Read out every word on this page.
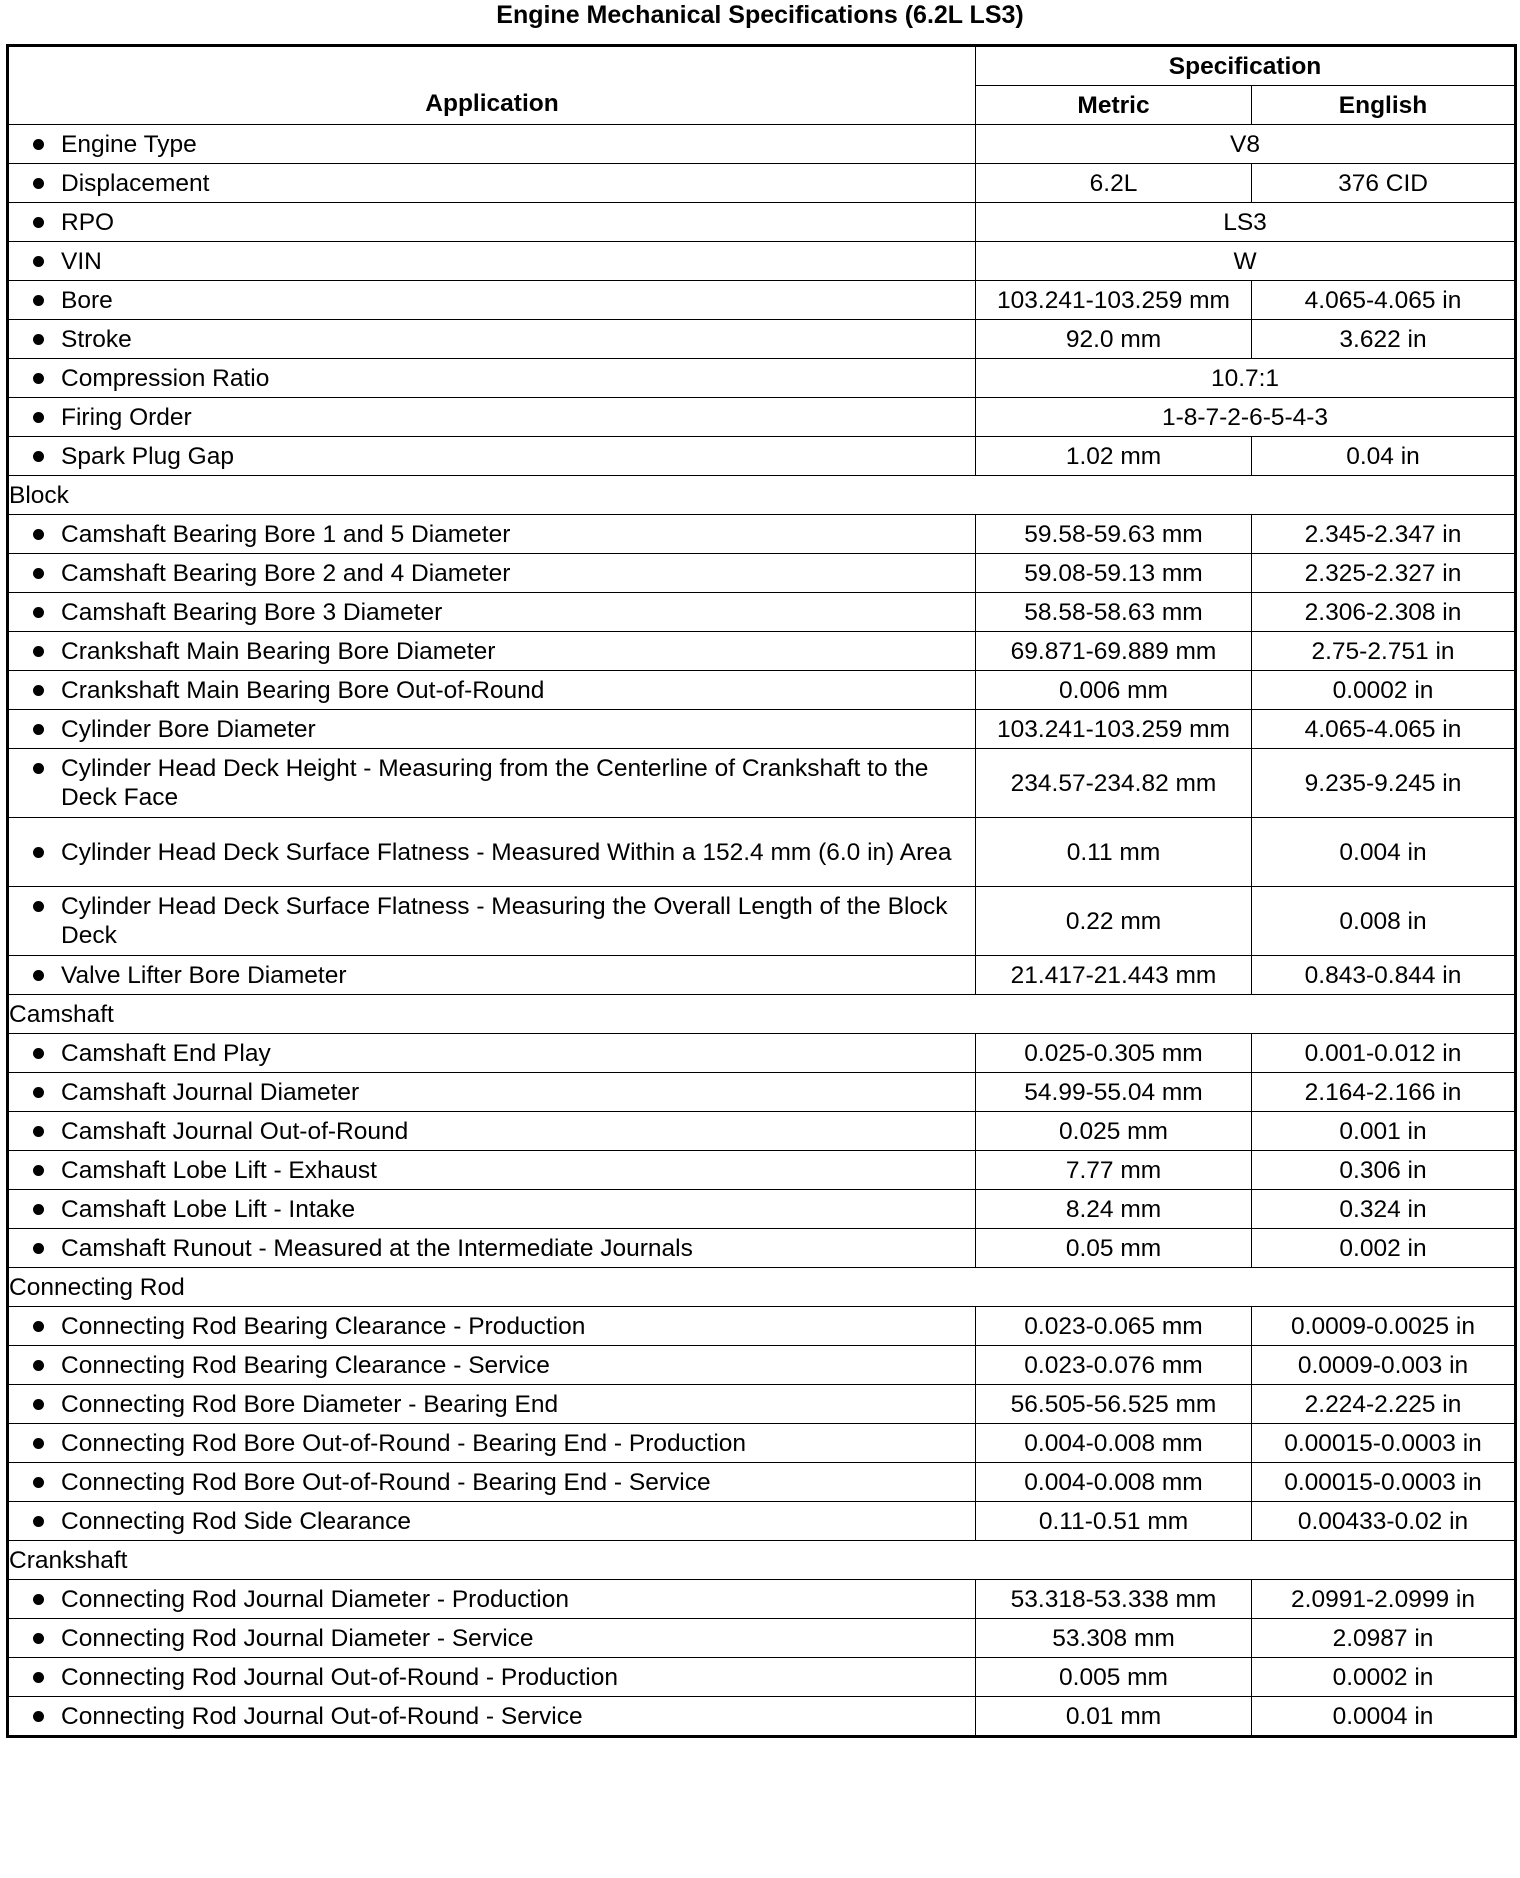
Engine Mechanical Specifications (6.2L LS3)
Application	Specification	
	Metric	English

Engine Type	V8	

Displacement	6.2L	376 CID

RPO	LS3	

VIN	W	

Bore	103.241-103.259 mm	4.065-4.065 in

Stroke	92.0 mm	3.622 in

Compression Ratio	10.7:1	

Firing Order	1-8-7-2-6-5-4-3	

Spark Plug Gap	1.02 mm	0.04 in
Block		

Camshaft Bearing Bore 1 and 5 Diameter	59.58-59.63 mm	2.345-2.347 in

Camshaft Bearing Bore 2 and 4 Diameter	59.08-59.13 mm	2.325-2.327 in

Camshaft Bearing Bore 3 Diameter	58.58-58.63 mm	2.306-2.308 in

Crankshaft Main Bearing Bore Diameter	69.871-69.889 mm	2.75-2.751 in

Crankshaft Main Bearing Bore Out-of-Round	0.006 mm	0.0002 in

Cylinder Bore Diameter	103.241-103.259 mm	4.065-4.065 in

Cylinder Head Deck Height - Measuring from the Centerline of Crankshaft to the Deck Face	234.57-234.82 mm	9.235-9.245 in

Cylinder Head Deck Surface Flatness - Measured Within a 152.4 mm (6.0 in) Area	0.11 mm	0.004 in

Cylinder Head Deck Surface Flatness - Measuring the Overall Length of the Block Deck	0.22 mm	0.008 in

Valve Lifter Bore Diameter	21.417-21.443 mm	0.843-0.844 in
Camshaft		

Camshaft End Play	0.025-0.305 mm	0.001-0.012 in

Camshaft Journal Diameter	54.99-55.04 mm	2.164-2.166 in

Camshaft Journal Out-of-Round	0.025 mm	0.001 in

Camshaft Lobe Lift - Exhaust	7.77 mm	0.306 in

Camshaft Lobe Lift - Intake	8.24 mm	0.324 in

Camshaft Runout - Measured at the Intermediate Journals	0.05 mm	0.002 in
Connecting Rod		

Connecting Rod Bearing Clearance - Production	0.023-0.065 mm	0.0009-0.0025 in

Connecting Rod Bearing Clearance - Service	0.023-0.076 mm	0.0009-0.003 in

Connecting Rod Bore Diameter - Bearing End	56.505-56.525 mm	2.224-2.225 in

Connecting Rod Bore Out-of-Round - Bearing End - Production	0.004-0.008 mm	0.00015-0.0003 in

Connecting Rod Bore Out-of-Round - Bearing End - Service	0.004-0.008 mm	0.00015-0.0003 in

Connecting Rod Side Clearance	0.11-0.51 mm	0.00433-0.02 in
Crankshaft		

Connecting Rod Journal Diameter - Production	53.318-53.338 mm	2.0991-2.0999 in

Connecting Rod Journal Diameter - Service	53.308 mm	2.0987 in

Connecting Rod Journal Out-of-Round - Production	0.005 mm	0.0002 in

Connecting Rod Journal Out-of-Round - Service	0.01 mm	0.0004 in
